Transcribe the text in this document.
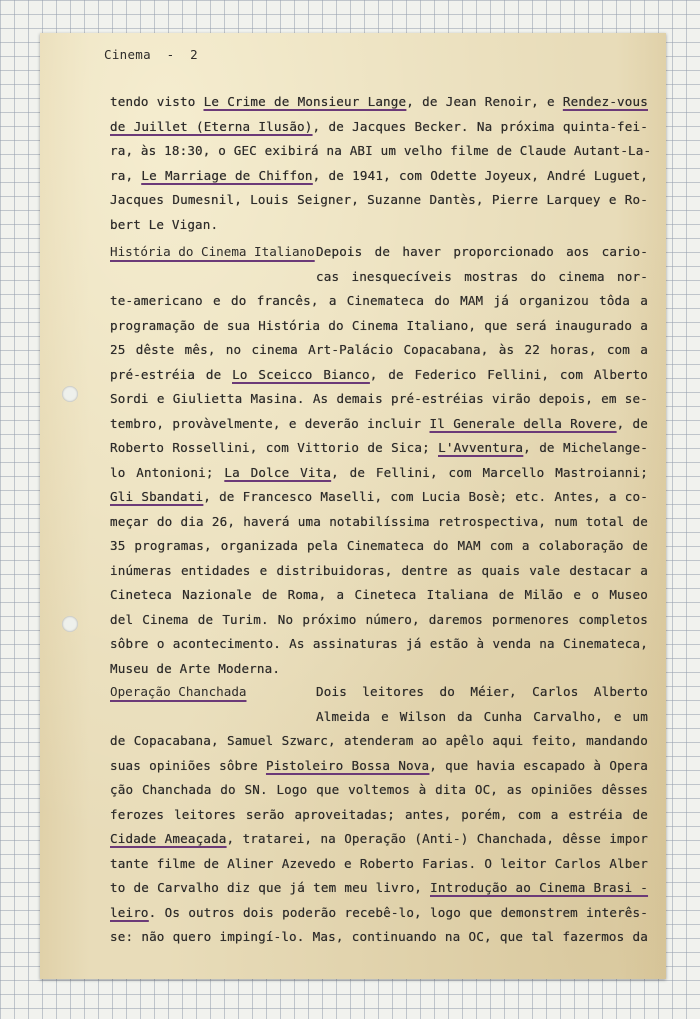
Cinema  -  2
História do Cinema Italiano
Operação Chanchada
tendo visto Le Crime de Monsieur Lange, de Jean Renoir, e Rendez-vous
de Juillet (Eterna Ilusão), de Jacques Becker. Na próxima quinta-fei-
ra, às 18:30, o GEC exibirá na ABI um velho filme de Claude Autant-La-
ra, Le Marriage de Chiffon, de 1941, com Odette Joyeux, André Luguet,
Jacques Dumesnil, Louis Seigner, Suzanne Dantès, Pierre Larquey e Ro-
bert Le Vigan.
Depois de haver proporcionado aos cario-
cas inesquecíveis mostras do cinema nor-
te-americano e do francês, a Cinemateca do MAM já organizou tôda a
programação de sua História do Cinema Italiano, que será inaugurado a
25 dêste mês, no cinema Art-Palácio Copacabana, às 22 horas, com a
pré-estréia de Lo Sceicco Bianco, de Federico Fellini, com Alberto
Sordi e Giulietta Masina. As demais pré-estréias virão depois, em se-
tembro, provàvelmente, e deverão incluir Il Generale della Rovere, de
Roberto Rossellini, com Vittorio de Sica; L'Avventura, de Michelange-
lo Antonioni; La Dolce Vita, de Fellini, com Marcello Mastroianni;
Gli Sbandati, de Francesco Maselli, com Lucia Bosè; etc. Antes, a co-
meçar do dia 26, haverá uma notabilíssima retrospectiva, num total de
35 programas, organizada pela Cinemateca do MAM com a colaboração de
inúmeras entidades e distribuidoras, dentre as quais vale destacar a
Cineteca Nazionale de Roma, a Cineteca Italiana de Milão e o Museo
del Cinema de Turim. No próximo número, daremos pormenores completos
sôbre o acontecimento. As assinaturas já estão à venda na Cinemateca,
Museu de Arte Moderna.
Dois leitores do Méier, Carlos Alberto
Almeida e Wilson da Cunha Carvalho, e um
de Copacabana, Samuel Szwarc, atenderam ao apêlo aqui feito, mandando
suas opiniões sôbre Pistoleiro Bossa Nova, que havia escapado à Opera
ção Chanchada do SN. Logo que voltemos à dita OC, as opiniões dêsses
ferozes leitores serão aproveitadas; antes, porém, com a estréia de
Cidade Ameaçada, tratarei, na Operação (Anti-) Chanchada, dêsse impor
tante filme de Aliner Azevedo e Roberto Farias. O leitor Carlos Alber
to de Carvalho diz que já tem meu livro, Introdução ao Cinema Brasi -
leiro. Os outros dois poderão recebê-lo, logo que demonstrem interês-
se: não quero impingí-lo. Mas, continuando na OC, que tal fazermos da
